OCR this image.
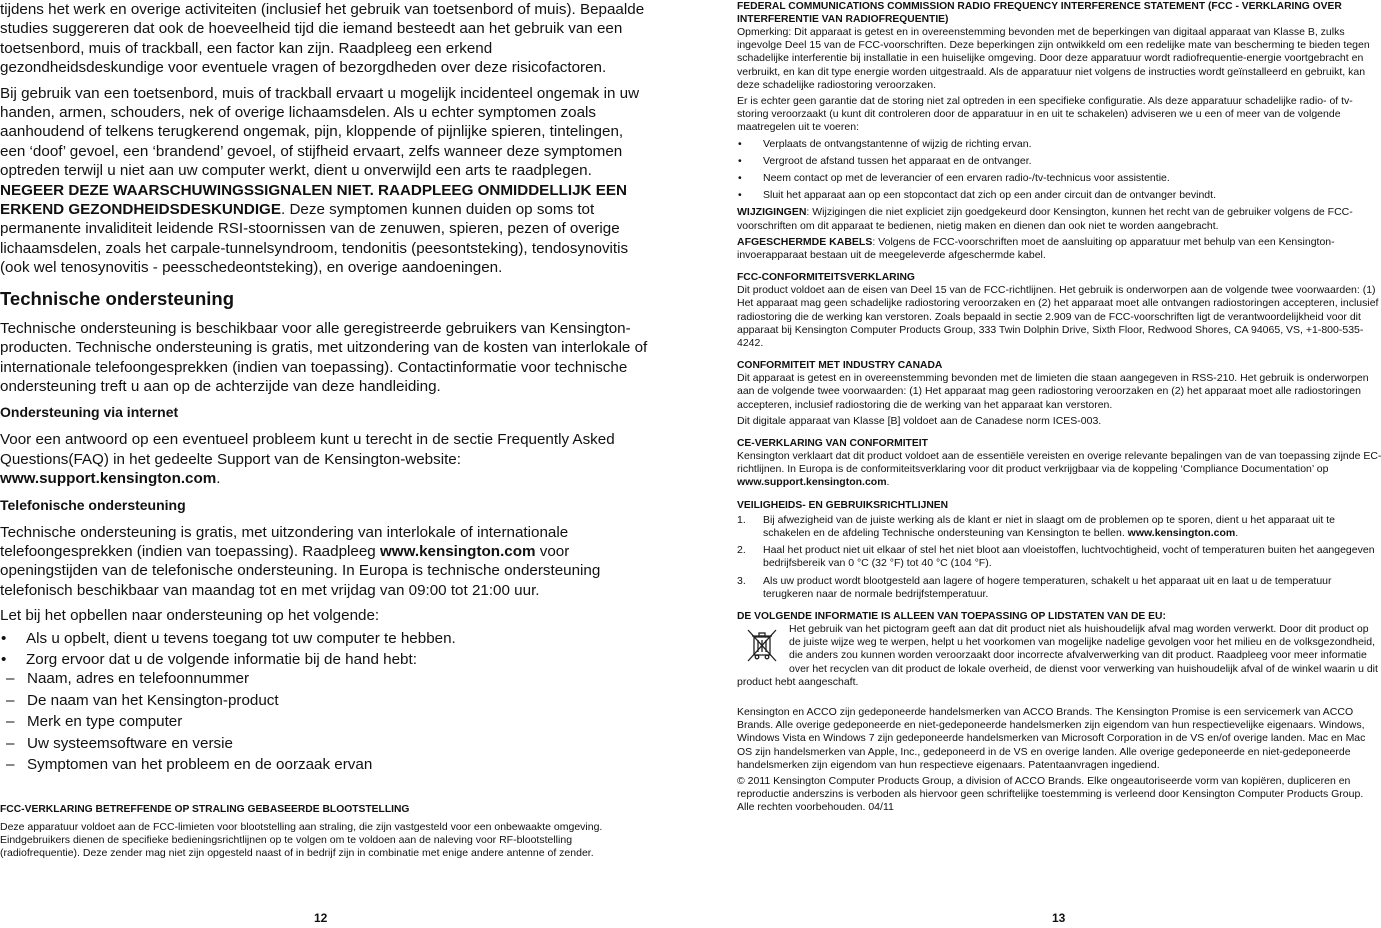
tijdens het werk en overige activiteiten (inclusief het gebruik van toetsenbord of muis). Bepaalde studies suggereren dat ook de hoeveelheid tijd die iemand besteedt aan het gebruik van een toetsenbord, muis of trackball, een factor kan zijn. Raadpleeg een erkend gezondheidsdeskundige voor eventuele vragen of bezorgdheden over deze risicofactoren.

Bij gebruik van een toetsenbord, muis of trackball ervaart u mogelijk incidenteel ongemak in uw handen, armen, schouders, nek of overige lichaamsdelen. Als u echter symptomen zoals aanhoudend of telkens terugkerend ongemak, pijn, kloppende of pijnlijke spieren, tintelingen, een ‘doof’ gevoel, een ‘brandend’ gevoel, of stijfheid ervaart, zelfs wanneer deze symptomen optreden terwijl u niet aan uw computer werkt, dient u onverwijld een arts te raadplegen. NEGEER DEZE WAARSCHUWINGSSIGNALEN NIET. RAADPLEEG ONMIDDELLIJK EEN ERKEND GEZONDHEIDSDESKUNDIGE. Deze symptomen kunnen duiden op soms tot permanente invaliditeit leidende RSI-stoornissen van de zenuwen, spieren, pezen of overige lichaamsdelen, zoals het carpale-tunnelsyndroom, tendonitis (peesontsteking), tendosynovitis (ook wel tenosynovitis - peesschedeontsteking), en overige aandoeningen.

Technische ondersteuning

Technische ondersteuning is beschikbaar voor alle geregistreerde gebruikers van Kensington-producten. Technische ondersteuning is gratis, met uitzondering van de kosten van interlokale of internationale telefoongesprekken (indien van toepassing). Contactinformatie voor technische ondersteuning treft u aan op de achterzijde van deze handleiding.

Ondersteuning via internet

Voor een antwoord op een eventueel probleem kunt u terecht in de sectie Frequently Asked Questions(FAQ) in het gedeelte Support van de Kensington-website:
www.support.kensington.com.

Telefonische ondersteuning

Technische ondersteuning is gratis, met uitzondering van interlokale of internationale telefoongesprekken (indien van toepassing). Raadpleeg www.kensington.com voor openingstijden van de telefonische ondersteuning. In Europa is technische ondersteuning telefonisch beschikbaar van maandag tot en met vrijdag van 09:00 tot 21:00 uur.

Let bij het opbellen naar ondersteuning op het volgende:

• Als u opbelt, dient u tevens toegang tot uw computer te hebben.
• Zorg ervoor dat u de volgende informatie bij de hand hebt:
– Naam, adres en telefoonnummer
– De naam van het Kensington-product
– Merk en type computer
– Uw systeemsoftware en versie
– Symptomen van het probleem en de oorzaak ervan
FCC-VERKLARING BETREFFENDE OP STRALING GEBASEERDE BLOOTSTELLING

Deze apparatuur voldoet aan de FCC-limieten voor blootstelling aan straling, die zijn vastgesteld voor een onbewaakte omgeving. Eindgebruikers dienen de specifieke bedieningsrichtlijnen op te volgen om te voldoen aan de naleving voor RF-blootstelling (radiofrequentie). Deze zender mag niet zijn opgesteld naast of in bedrijf zijn in combinatie met enige andere antenne of zender.

12
FEDERAL COMMUNICATIONS COMMISSION RADIO FREQUENCY INTERFERENCE STATEMENT (FCC - VERKLARING OVER INTERFERENTIE VAN RADIOFREQUENTIE)

Opmerking: Dit apparaat is getest en in overeenstemming bevonden met de beperkingen van digitaal apparaat van Klasse B, zulks ingevolge Deel 15 van de FCC-voorschriften. Deze beperkingen zijn ontwikkeld om een redelijke mate van bescherming te bieden tegen schadelijke interferentie bij installatie in een huiselijke omgeving. Door deze apparatuur wordt radiofrequentie-energie voortgebracht en verbruikt, en kan dit type energie worden uitgestraald. Als de apparatuur niet volgens de instructies wordt geïnstalleerd en gebruikt, kan deze schadelijke radiostoring veroorzaken.

Er is echter geen garantie dat de storing niet zal optreden in een specifieke configuratie. Als deze apparatuur schadelijke radio- of tv-storing veroorzaakt (u kunt dit controleren door de apparatuur in en uit te schakelen) adviseren we u een of meer van de volgende maatregelen uit te voeren:

• Verplaats de ontvangstantenne of wijzig de richting ervan.
• Vergroot de afstand tussen het apparaat en de ontvanger.
• Neem contact op met de leverancier of een ervaren radio-/tv-technicus voor assistentie.
• Sluit het apparaat aan op een stopcontact dat zich op een ander circuit dan de ontvanger bevindt.

WIJZIGINGEN: Wijzigingen die niet expliciet zijn goedgekeurd door Kensington, kunnen het recht van de gebruiker volgens de FCC-voorschriften om dit apparaat te bedienen, nietig maken en dienen dan ook niet te worden aangebracht.

AFGESCHERMDE KABELS: Volgens de FCC-voorschriften moet de aansluiting op apparatuur met behulp van een Kensington-invoerapparaat bestaan uit de meegeleverde afgeschermde kabel.

FCC-CONFORMITEITSVERKLARING

Dit product voldoet aan de eisen van Deel 15 van de FCC-richtlijnen. Het gebruik is onderworpen aan de volgende twee voorwaarden: (1) Het apparaat mag geen schadelijke radiostoring veroorzaken en (2) het apparaat moet alle ontvangen radiostoringen accepteren, inclusief radiostoring die de werking kan verstoren. Zoals bepaald in sectie 2.909 van de FCC-voorschriften ligt de verantwoordelijkheid voor dit apparaat bij Kensington Computer Products Group, 333 Twin Dolphin Drive, Sixth Floor, Redwood Shores, CA 94065, VS, +1-800-535-4242.

CONFORMITEIT MET INDUSTRY CANADA

Dit apparaat is getest en in overeenstemming bevonden met de limieten die staan aangegeven in RSS-210. Het gebruik is onderworpen aan de volgende twee voorwaarden: (1) Het apparaat mag geen radiostoring veroorzaken en (2) het apparaat moet alle radiostoringen accepteren, inclusief radiostoring die de werking van het apparaat kan verstoren.

Dit digitale apparaat van Klasse [B] voldoet aan de Canadese norm ICES-003.

CE-VERKLARING VAN CONFORMITEIT

Kensington verklaart dat dit product voldoet aan de essentiële vereisten en overige relevante bepalingen van de van toepassing zijnde EC-richtlijnen. In Europa is de conformiteitsverklaring voor dit product verkrijgbaar via de koppeling ‘Compliance Documentation’ op www.support.kensington.com.

VEILIGHEIDS- EN GEBRUIKSRICHTLIJNEN
1. Bij afwezigheid van de juiste werking als de klant er niet in slaagt om de problemen op te sporen, dient u het apparaat uit te schakelen en de afdeling Technische ondersteuning van Kensington te bellen. www.kensington.com.
2. Haal het product niet uit elkaar of stel het niet bloot aan vloeistoffen, luchtvochtigheid, vocht of temperaturen buiten het aangegeven bedrijfsbereik van 0 °C (32 °F) tot 40 °C (104 °F).
3. Als uw product wordt blootgesteld aan lagere of hogere temperaturen, schakelt u het apparaat uit en laat u de temperatuur terugkeren naar de normale bedrijfstemperatuur.
DE VOLGENDE INFORMATIE IS ALLEEN VAN TOEPASSING OP LIDSTATEN VAN DE EU:

Het gebruik van het pictogram geeft aan dat dit product niet als huishoudelijk afval mag worden verwerkt. Door dit product op de juiste wijze weg te werpen, helpt u het voorkomen van mogelijke nadelige gevolgen voor het milieu en de volksgezondheid, die anders zou kunnen worden veroorzaakt door incorrecte afvalverwerking van dit product. Raadpleeg voor meer informatie over het recyclen van dit product de lokale overheid, de dienst voor verwerking van huishoudelijk afval of de winkel waarin u dit product hebt aangeschaft.

Kensington en ACCO zijn gedeponeerde handelsmerken van ACCO Brands. The Kensington Promise is een servicemerk van ACCO Brands. Alle overige gedeponeerde en niet-gedeponeerde handelsmerken zijn eigendom van hun respectievelijke eigenaars. Windows, Windows Vista en Windows 7 zijn gedeponeerde handelsmerken van Microsoft Corporation in de VS en/of overige landen. Mac en Mac OS zijn handelsmerken van Apple, Inc., gedeponeerd in de VS en overige landen. Alle overige gedeponeerde en niet-gedeponeerde handelsmerken zijn eigendom van hun respectieve eigenaars. Patentaanvragen ingediend.

© 2011 Kensington Computer Products Group, a division of ACCO Brands. Elke ongeautoriseerde vorm van kopiëren, dupliceren en reproductie anderszins is verboden als hiervoor geen schriftelijke toestemming is verleend door Kensington Computer Products Group. Alle rechten voorbehouden. 04/11

13
